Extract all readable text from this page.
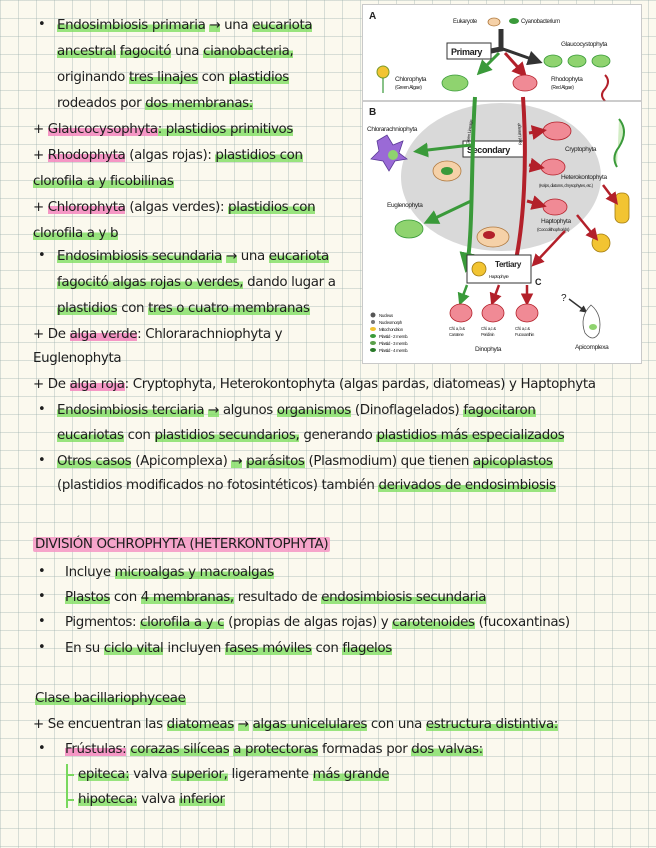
• Endosimbiosis primaria → una eucariota
ancestral fagocitó una cianobacteria,
originando tres linajes con plastidios
rodeados por dos membranas:
+ Glaucocysophyta: plastidios primitivos
+ Rhodophyta (algas rojas): plastidios con
clorofila a y ficobilinas
+ Chlorophyta (algas verdes): plastidios con
clorofila a y b
• Endosimbiosis secundaria → una eucariota
fagocitó algas rojas o verdes, dando lugar a
plastidios con tres o cuatro membranas
+ De alga verde: Chlorarachniophyta y
Euglenophyta
+ De alga roja: Cryptophyta, Heterokontophyta (algas pardas, diatomeas) y Haptophyta
• Endosimbiosis terciaria → algunos organismos (Dinoflagelados) fagocitaron
eucariotas con plastidios secundarios, generando plastidios más especializados
• Otros casos (Apicomplexa) → parásitos (Plasmodium) que tienen apicoplastos
(plastidios modificados no fotosintéticos) también derivados de endosimbiosis
DIVISIÓN OCHROPHYTA (HETERKONTOPHYTA)
• Incluye microalgas y macroalgas
• Plastos con 4 membranas, resultado de endosimbiosis secundaria
• Pigmentos: clorofila a y c (propias de algas rojas) y carotenoides (fucoxantinas)
• En su ciclo vital incluyen fases móviles con flagelos
Clase bacillariophyceae
+ Se encuentran las diatomeas → algas unicelulares con una estructura distintiva:
• Frústulas: corazas silíceas a protectoras formadas por dos valvas:
epiteca: valva superior, ligeramente más grande
hipoteca: valva inferior
A	Eukaryote	Cyanobacterium
Primary
Glaucocystophyta
Chlorophyta
(Green Algae)
Rhodophyta
(Red Algae)
B
Secondary
Green Lineage	Red Lineage
Chlorarachniophyta
Euglenophyta
Cryptophyta
Heterokontophyta
(Kelps, diatoms, chrysophytes, etc.)
Haptophyta
(Coccolithophorids)
Tertiary
Haptophyte
C
?
Apicomplexa
Chl. a, b &
Carotene
Chl. a,c &
Peridinin
Chl. a,c &
Fucoxanthin
Dinophyta
Nucleus
Nucleomorph
Mitochondrion
Plastid - 2 memb.
Plastid - 3 memb.
Plastid - 4 memb.
